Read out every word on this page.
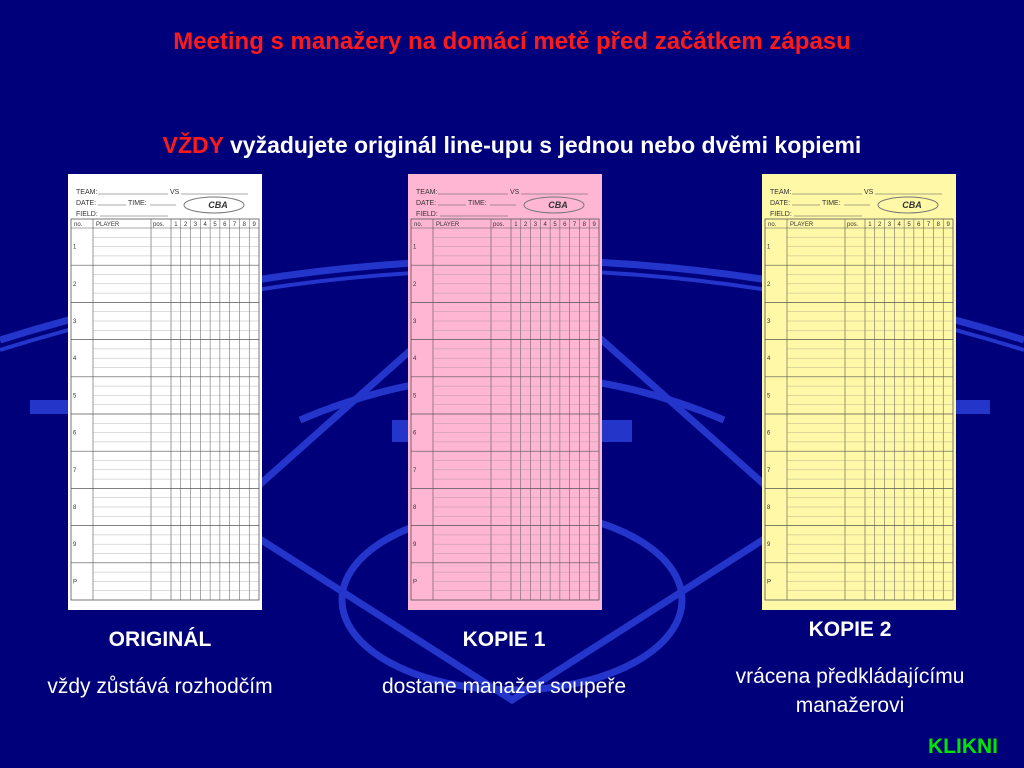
Meeting s manažery na domácí metě před začátkem zápasu
VŽDY vyžadujete originál line-upu s jednou nebo dvěmi kopiemi
TEAM:	VS
DATE:	TIME:
FIELD:
CBA
no. PLAYER	pos. 1 2 3 4 5 6 7 8 9
1
2
3
4
5
6
7
8
9
P
TEAM:	VS
DATE:	TIME:
FIELD:
CBA
no. PLAYER	pos. 1 2 3 4 5 6 7 8 9
1
2
3
4
5
6
7
8
9
P
TEAM:	VS
DATE:	TIME:
FIELD:
CBA
no. PLAYER	pos. 1 2 3 4 5 6 7 8 9
1
2
3
4
5
6
7
8
9
P
ORIGINÁL
vždy zůstává rozhodčím
KOPIE 1
dostane manažer soupeře
KOPIE 2
vrácena předkládajícímu manažerovi
KLIKNI
